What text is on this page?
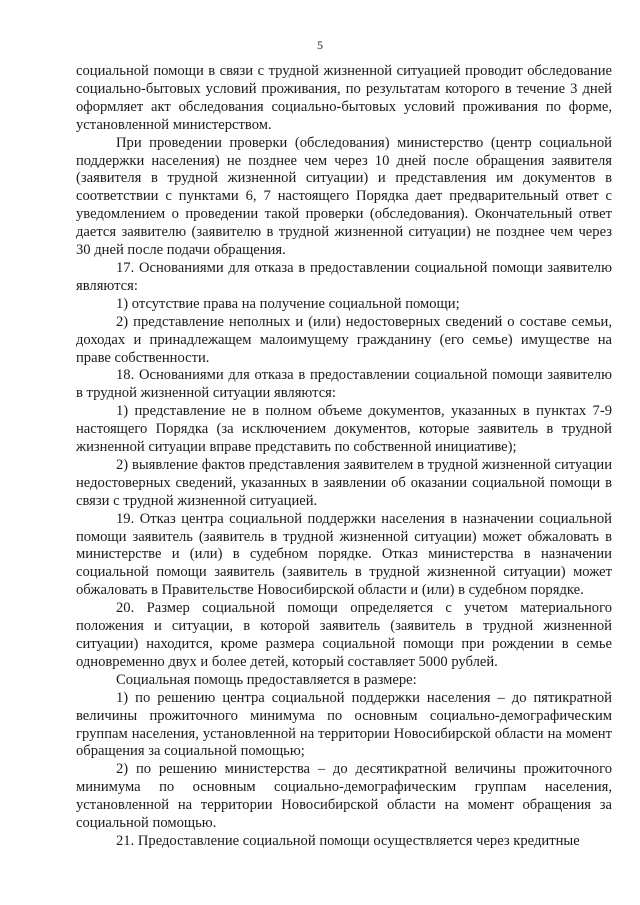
5

социальной помощи в связи с трудной жизненной ситуацией проводит обследование социально-бытовых условий проживания, по результатам которого в течение 3 дней оформляет акт обследования социально-бытовых условий проживания по форме, установленной министерством.

При проведении проверки (обследования) министерство (центр социальной поддержки населения) не позднее чем через 10 дней после обращения заявителя (заявителя в трудной жизненной ситуации) и представления им документов в соответствии с пунктами 6, 7 настоящего Порядка дает предварительный ответ с уведомлением о проведении такой проверки (обследования). Окончательный ответ дается заявителю (заявителю в трудной жизненной ситуации) не позднее чем через 30 дней после подачи обращения.

17. Основаниями для отказа в предоставлении социальной помощи заявителю являются:

1) отсутствие права на получение социальной помощи;

2) представление неполных и (или) недостоверных сведений о составе семьи, доходах и принадлежащем малоимущему гражданину (его семье) имуществе на праве собственности.

18. Основаниями для отказа в предоставлении социальной помощи заявителю в трудной жизненной ситуации являются:

1) представление не в полном объеме документов, указанных в пунктах 7-9 настоящего Порядка (за исключением документов, которые заявитель в трудной жизненной ситуации вправе представить по собственной инициативе);

2) выявление фактов представления заявителем в трудной жизненной ситуации недостоверных сведений, указанных в заявлении об оказании социальной помощи в связи с трудной жизненной ситуацией.

19. Отказ центра социальной поддержки населения в назначении социальной помощи заявитель (заявитель в трудной жизненной ситуации) может обжаловать в министерстве и (или) в судебном порядке. Отказ министерства в назначении социальной помощи заявитель (заявитель в трудной жизненной ситуации) может обжаловать в Правительстве Новосибирской области и (или) в судебном порядке.

20. Размер социальной помощи определяется с учетом материального положения и ситуации, в которой заявитель (заявитель в трудной жизненной ситуации) находится, кроме размера социальной помощи при рождении в семье одновременно двух и более детей, который составляет 5000 рублей.

Социальная помощь предоставляется в размере:

1) по решению центра социальной поддержки населения – до пятикратной величины прожиточного минимума по основным социально-демографическим группам населения, установленной на территории Новосибирской области на момент обращения за социальной помощью;

2) по решению министерства – до десятикратной величины прожиточного минимума по основным социально-демографическим группам населения, установленной на территории Новосибирской области на момент обращения за социальной помощью.

21. Предоставление социальной помощи осуществляется через кредитные
